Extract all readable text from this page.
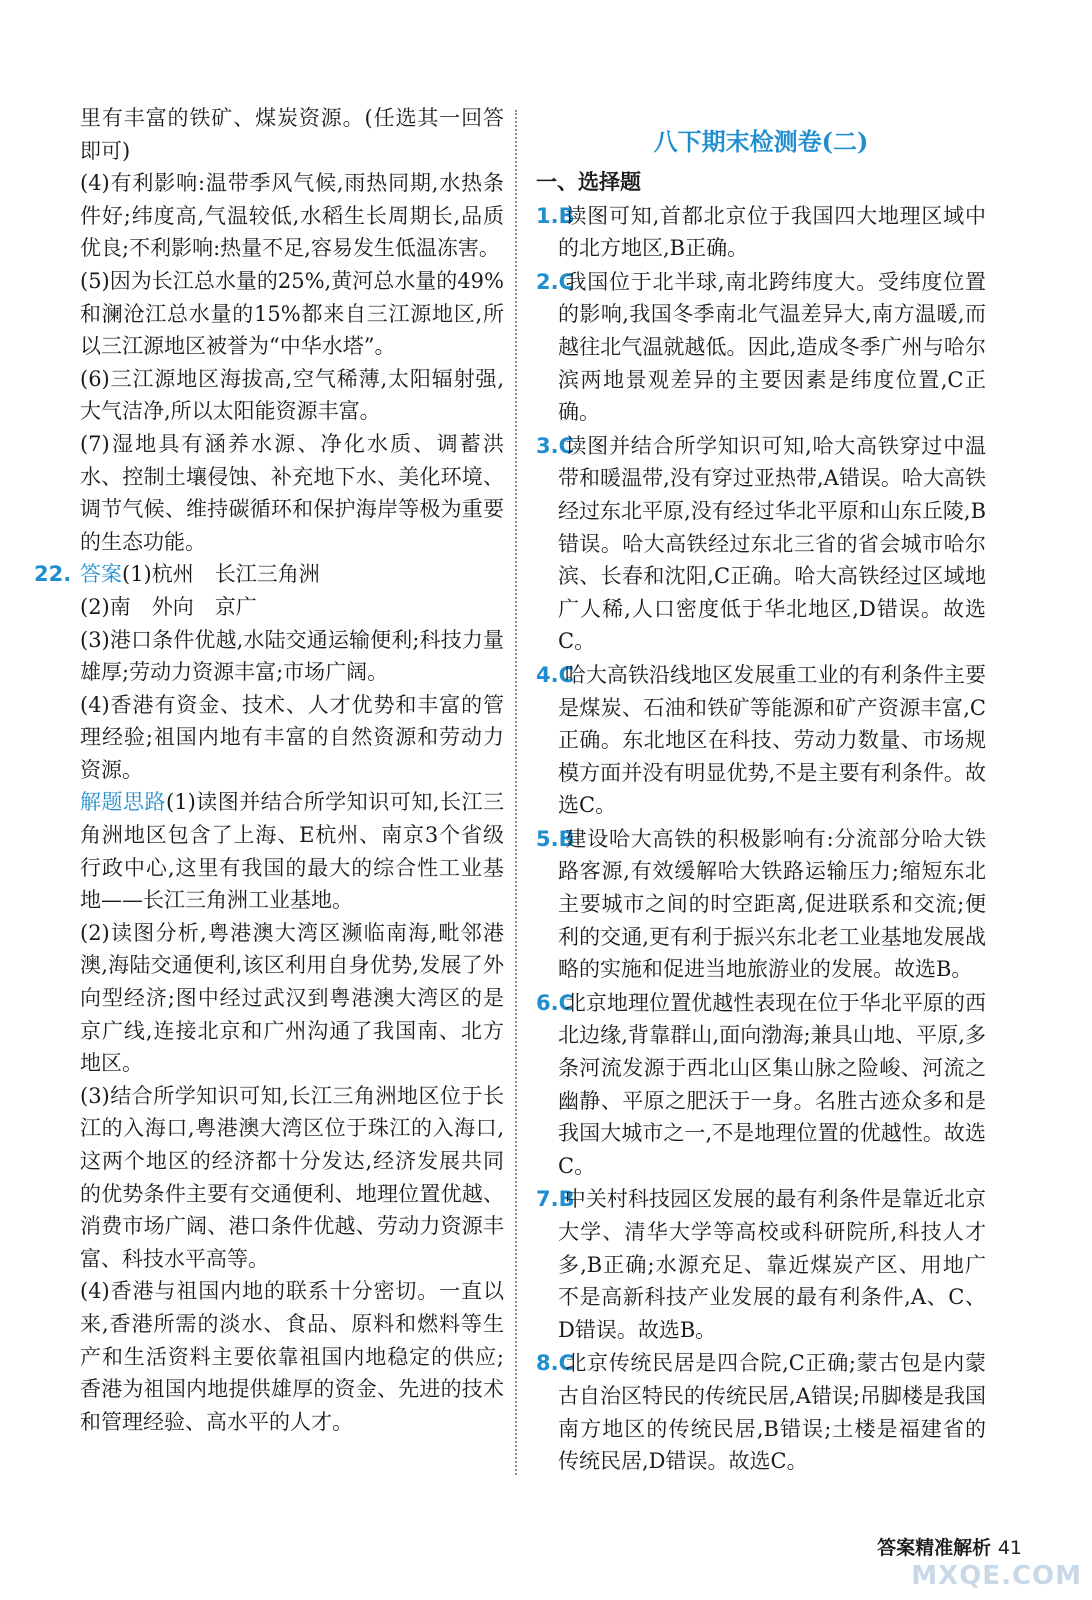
里有丰富的铁矿、煤炭资源。(任选其一回答即可)

(4)有利影响:温带季风气候,雨热同期,水热条件好;纬度高,气温较低,水稻生长周期长,品质优良;不利影响:热量不足,容易发生低温冻害。

(5)因为长江总水量的25%,黄河总水量的49%和澜沧江总水量的15%都来自三江源地区,所以三江源地区被誉为“中华水塔”。

(6)三江源地区海拔高,空气稀薄,太阳辐射强,大气洁净,所以太阳能资源丰富。

(7)湿地具有涵养水源、净化水质、调蓄洪水、控制土壤侵蚀、补充地下水、美化环境、调节气候、维持碳循环和保护海岸等极为重要的生态功能。

22. 答案(1)杭州　长江三角洲

(2)南　外向　京广

(3)港口条件优越,水陆交通运输便利;科技力量雄厚;劳动力资源丰富;市场广阔。

(4)香港有资金、技术、人才优势和丰富的管理经验;祖国内地有丰富的自然资源和劳动力资源。

解题思路(1)读图并结合所学知识可知,长江三角洲地区包含了上海、E杭州、南京3个省级行政中心,这里有我国的最大的综合性工业基地——长江三角洲工业基地。

(2)读图分析,粤港澳大湾区濒临南海,毗邻港澳,海陆交通便利,该区利用自身优势,发展了外向型经济;图中经过武汉到粤港澳大湾区的是京广线,连接北京和广州沟通了我国南、北方地区。

(3)结合所学知识可知,长江三角洲地区位于长江的入海口,粤港澳大湾区位于珠江的入海口,这两个地区的经济都十分发达,经济发展共同的优势条件主要有交通便利、地理位置优越、消费市场广阔、港口条件优越、劳动力资源丰富、科技水平高等。

(4)香港与祖国内地的联系十分密切。一直以来,香港所需的淡水、食品、原料和燃料等生产和生活资料主要依靠祖国内地稳定的供应;香港为祖国内地提供雄厚的资金、先进的技术和管理经验、高水平的人才。

八下期末检测卷(二)
一、选择题

1.B 读图可知,首都北京位于我国四大地理区域中的北方地区,B正确。

2.C 我国位于北半球,南北跨纬度大。受纬度位置的影响,我国冬季南北气温差异大,南方温暖,而越往北气温就越低。因此,造成冬季广州与哈尔滨两地景观差异的主要因素是纬度位置,C正确。

3.C 读图并结合所学知识可知,哈大高铁穿过中温带和暖温带,没有穿过亚热带,A错误。哈大高铁经过东北平原,没有经过华北平原和山东丘陵,B错误。哈大高铁经过东北三省的省会城市哈尔滨、长春和沈阳,C正确。哈大高铁经过区域地广人稀,人口密度低于华北地区,D错误。故选C。

4.C 哈大高铁沿线地区发展重工业的有利条件主要是煤炭、石油和铁矿等能源和矿产资源丰富,C正确。东北地区在科技、劳动力数量、市场规模方面并没有明显优势,不是主要有利条件。故选C。

5.B 建设哈大高铁的积极影响有:分流部分哈大铁路客源,有效缓解哈大铁路运输压力;缩短东北主要城市之间的时空距离,促进联系和交流;便利的交通,更有利于振兴东北老工业基地发展战略的实施和促进当地旅游业的发展。故选B。

6.C 北京地理位置优越性表现在位于华北平原的西北边缘,背靠群山,面向渤海;兼具山地、平原,多条河流发源于西北山区集山脉之险峻、河流之幽静、平原之肥沃于一身。名胜古迹众多和是我国大城市之一,不是地理位置的优越性。故选C。

7.B 中关村科技园区发展的最有利条件是靠近北京大学、清华大学等高校或科研院所,科技人才多,B正确;水源充足、靠近煤炭产区、用地广不是高新科技产业发展的最有利条件,A、C、D错误。故选B。

8.C 北京传统民居是四合院,C正确;蒙古包是内蒙古自治区特民的传统民居,A错误;吊脚楼是我国南方地区的传统民居,B错误;土楼是福建省的传统民居,D错误。故选C。

答案精准解析 41
MXQE.COM
